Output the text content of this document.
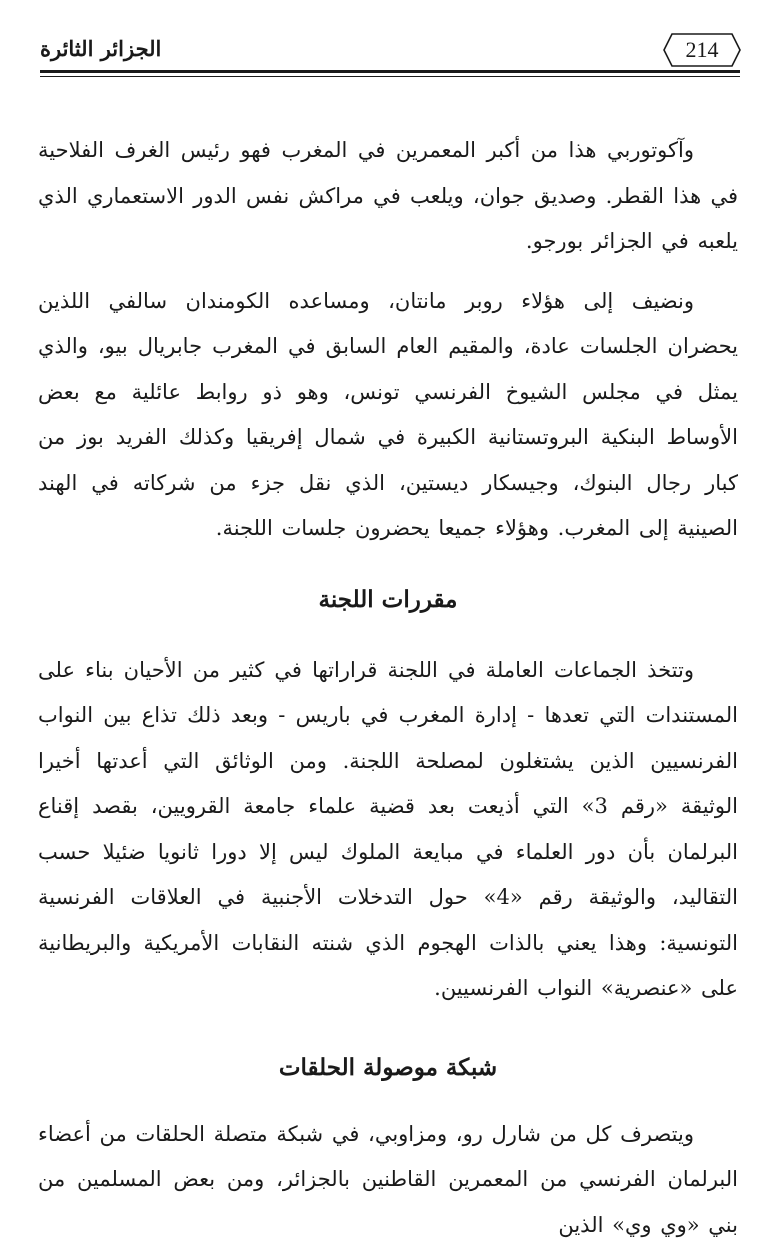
الجزائر الثائرة	214

وآكوتوربي هذا من أكبر المعمرين في المغرب فهو رئيس الغرف الفلاحية في هذا القطر. وصديق جوان، ويلعب في مراكش نفس الدور الاستعماري الذي يلعبه في الجزائر بورجو.

ونضيف إلى هؤلاء روبر مانتان، ومساعده الكومندان سالفي اللذين يحضران الجلسات عادة، والمقيم العام السابق في المغرب جابريال بيو، والذي يمثل في مجلس الشيوخ الفرنسي تونس، وهو ذو روابط عائلية مع بعض الأوساط البنكية البروتستانية الكبيرة في شمال إفريقيا وكذلك الفريد بوز من كبار رجال البنوك، وجيسكار ديستين، الذي نقل جزء من شركاته في الهند الصينية إلى المغرب. وهؤلاء جميعا يحضرون جلسات اللجنة.

مقررات اللجنة

وتتخذ الجماعات العاملة في اللجنة قراراتها في كثير من الأحيان بناء على المستندات التي تعدها - إدارة المغرب في باريس - وبعد ذلك تذاع بين النواب الفرنسيين الذين يشتغلون لمصلحة اللجنة. ومن الوثائق التي أعدتها أخيرا الوثيقة «رقم 3» التي أذيعت بعد قضية علماء جامعة القرويين، بقصد إقناع البرلمان بأن دور العلماء في مبايعة الملوك ليس إلا دورا ثانويا ضئيلا حسب التقاليد، والوثيقة رقم «4» حول التدخلات الأجنبية في العلاقات الفرنسية التونسية: وهذا يعني بالذات الهجوم الذي شنته النقابات الأمريكية والبريطانية على «عنصرية» النواب الفرنسيين.

شبكة موصولة الحلقات

ويتصرف كل من شارل رو، ومزاوبي، في شبكة متصلة الحلقات من أعضاء البرلمان الفرنسي من المعمرين القاطنين بالجزائر، ومن بعض المسلمين من بني «وي وي» الذين
